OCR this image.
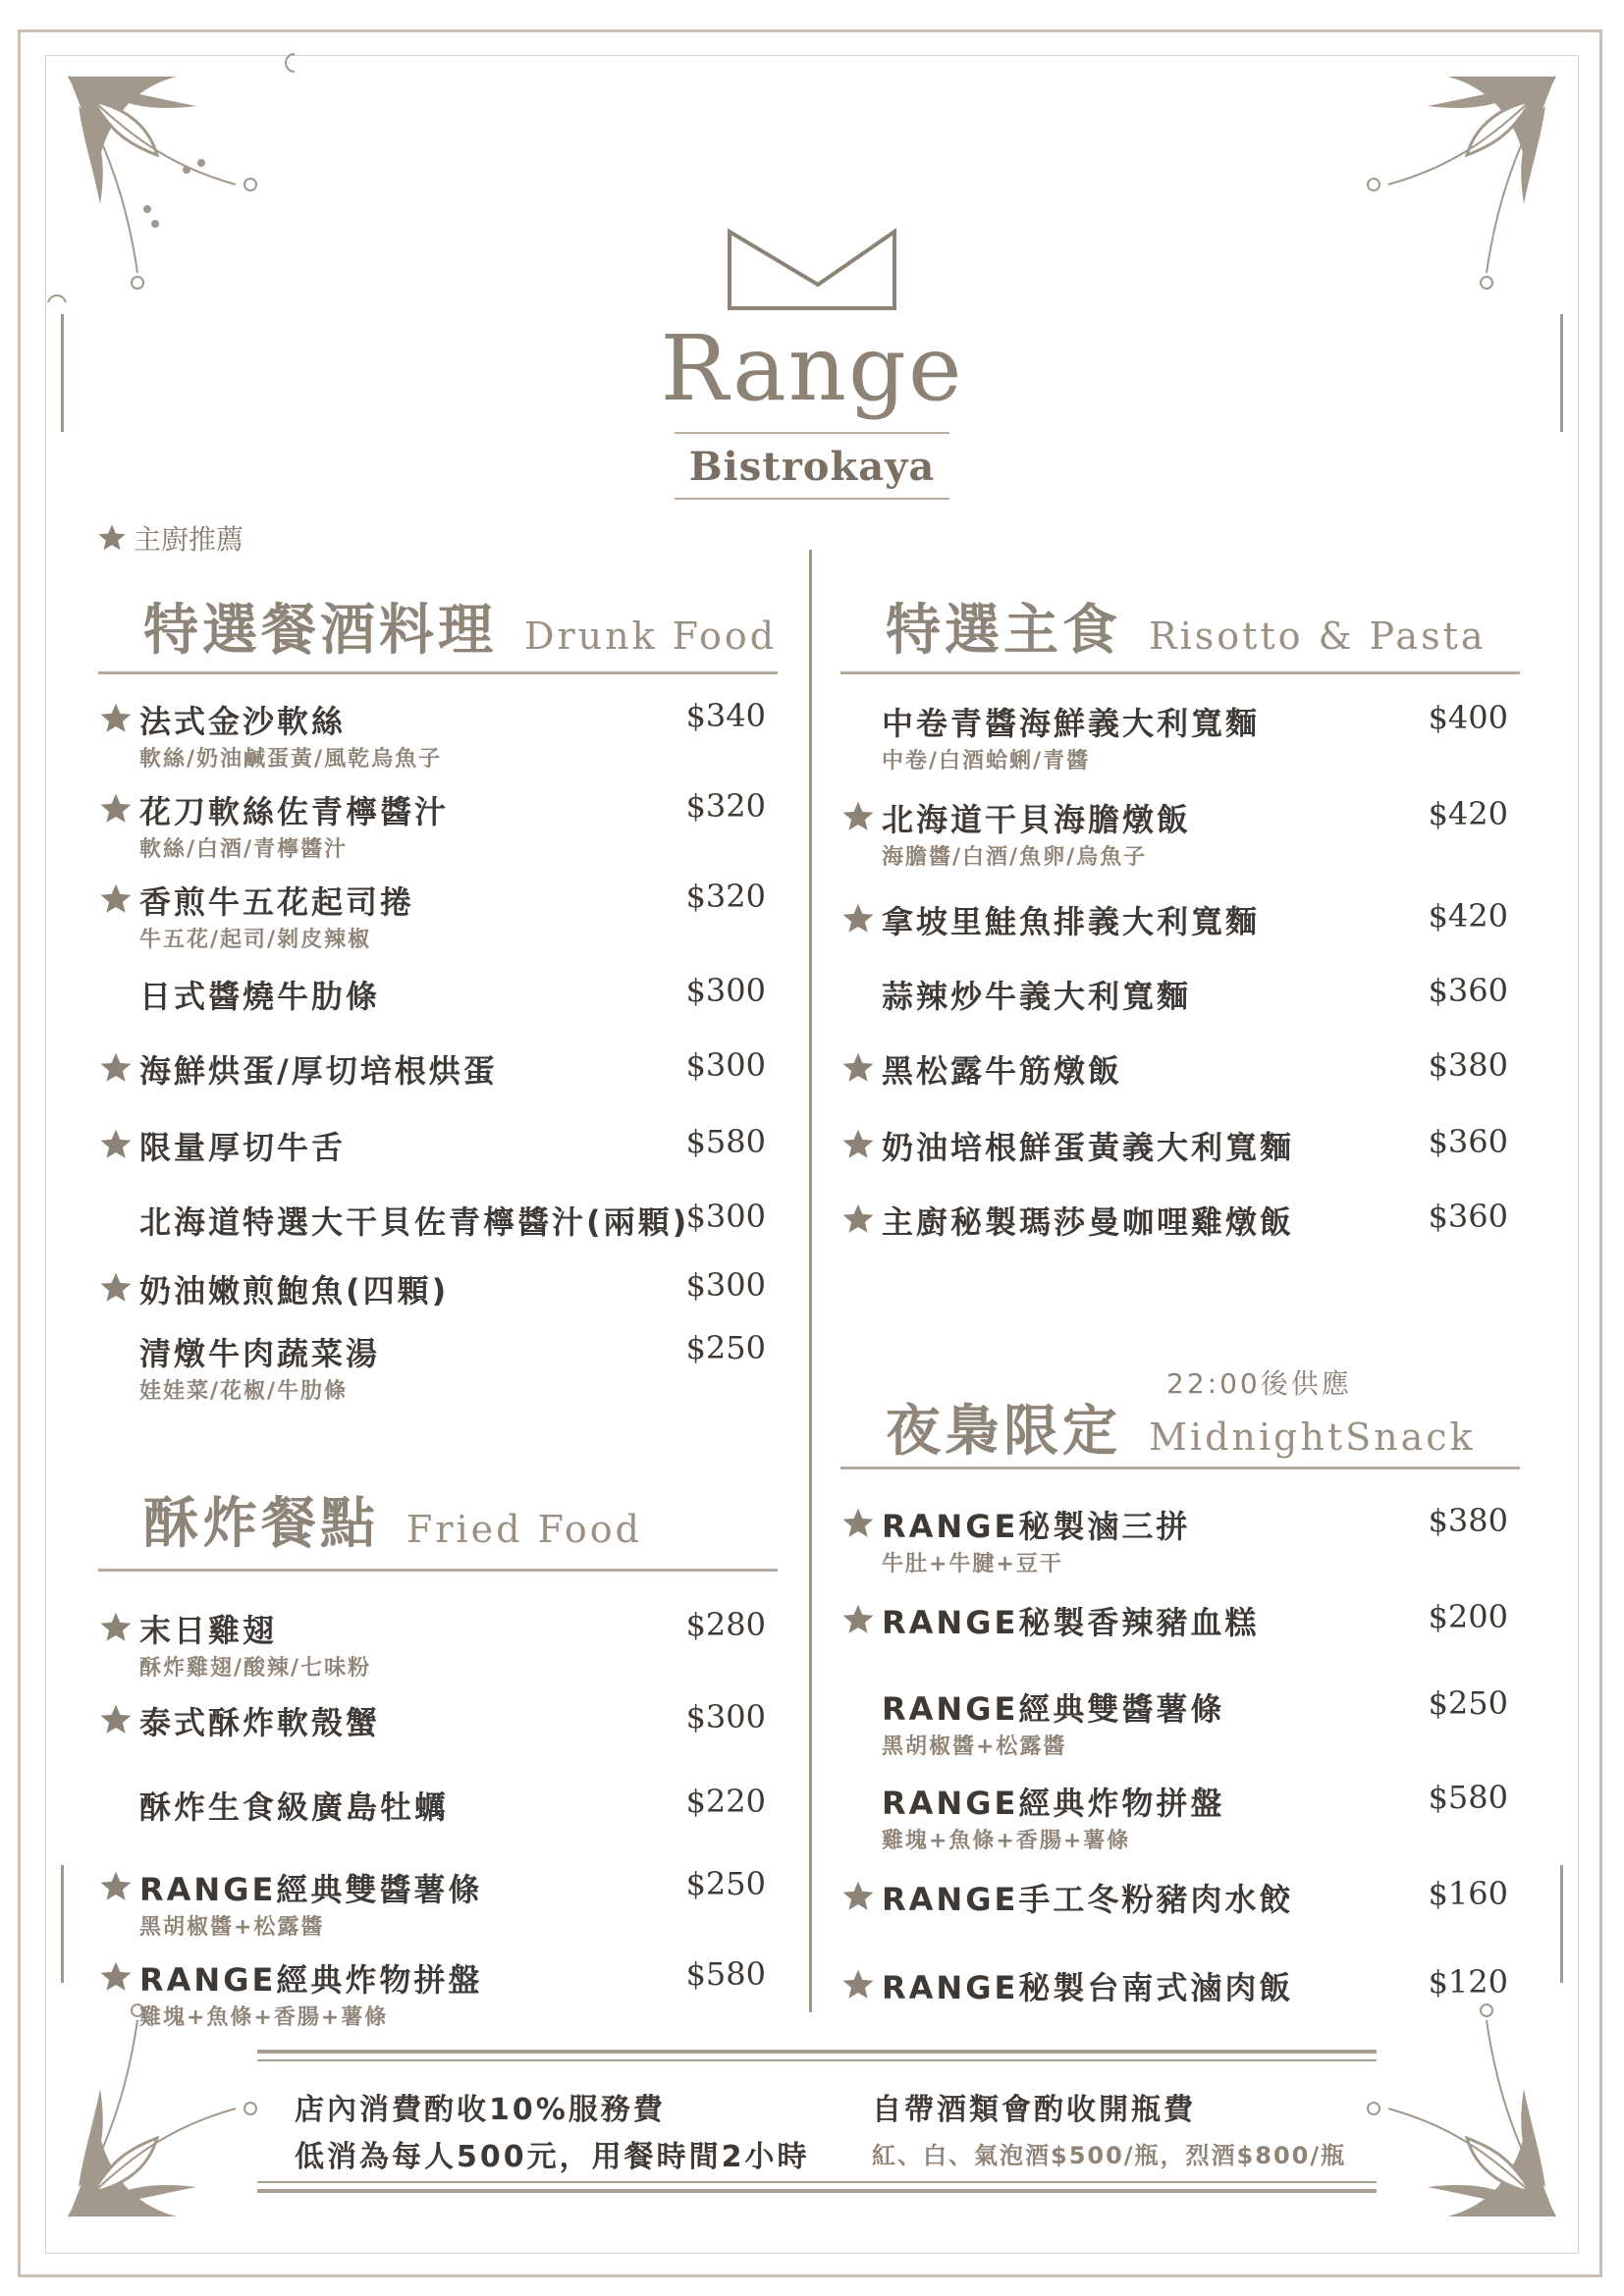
Range
Bistrokaya
主廚推薦
特選餐酒料理 Drunk Food 特選主食 Risotto & Pasta
酥炸餐點 Fried Food
22:00後供應
夜梟限定 MidnightSnack
法式金沙軟絲
軟絲/奶油鹹蛋黃/風乾烏魚子
$340
花刀軟絲佐青檸醬汁
軟絲/白酒/青檸醬汁
$320
香煎牛五花起司捲
牛五花/起司/剝皮辣椒
$320
日式醬燒牛肋條	$300
海鮮烘蛋/厚切培根烘蛋	$300
限量厚切牛舌	$580
北海道特選大干貝佐青檸醬汁(兩顆)
$300
奶油嫩煎鮑魚(四顆)	$300
清燉牛肉蔬菜湯
娃娃菜/花椒/牛肋條
$250
末日雞翅
酥炸雞翅/酸辣/七味粉
$280
泰式酥炸軟殼蟹	$300
酥炸生食級廣島牡蠣	$220
RANGE經典雙醬薯條
黑胡椒醬+松露醬
$250
RANGE經典炸物拼盤
雞塊+魚條+香腸+薯條
$580
中卷青醬海鮮義大利寬麵
中卷/白酒蛤蜊/青醬
$400
北海道干貝海膽燉飯
海膽醬/白酒/魚卵/烏魚子
$420
拿坡里鮭魚排義大利寬麵	$420
蒜辣炒牛義大利寬麵	$360
黑松露牛筋燉飯	$380
奶油培根鮮蛋黃義大利寬麵	$360
主廚秘製瑪莎曼咖哩雞燉飯	$360
RANGE秘製滷三拼
牛肚+牛腱+豆干
$380
RANGE秘製香辣豬血糕	$200
RANGE經典雙醬薯條
黑胡椒醬+松露醬
$250
RANGE經典炸物拼盤
雞塊+魚條+香腸+薯條
$580
RANGE手工冬粉豬肉水餃	$160
RANGE秘製台南式滷肉飯	$120
店內消費酌收10%服務費
低消為每人500元，用餐時間2小時
自帶酒類會酌收開瓶費
紅、白、氣泡酒$500/瓶，烈酒$800/瓶
